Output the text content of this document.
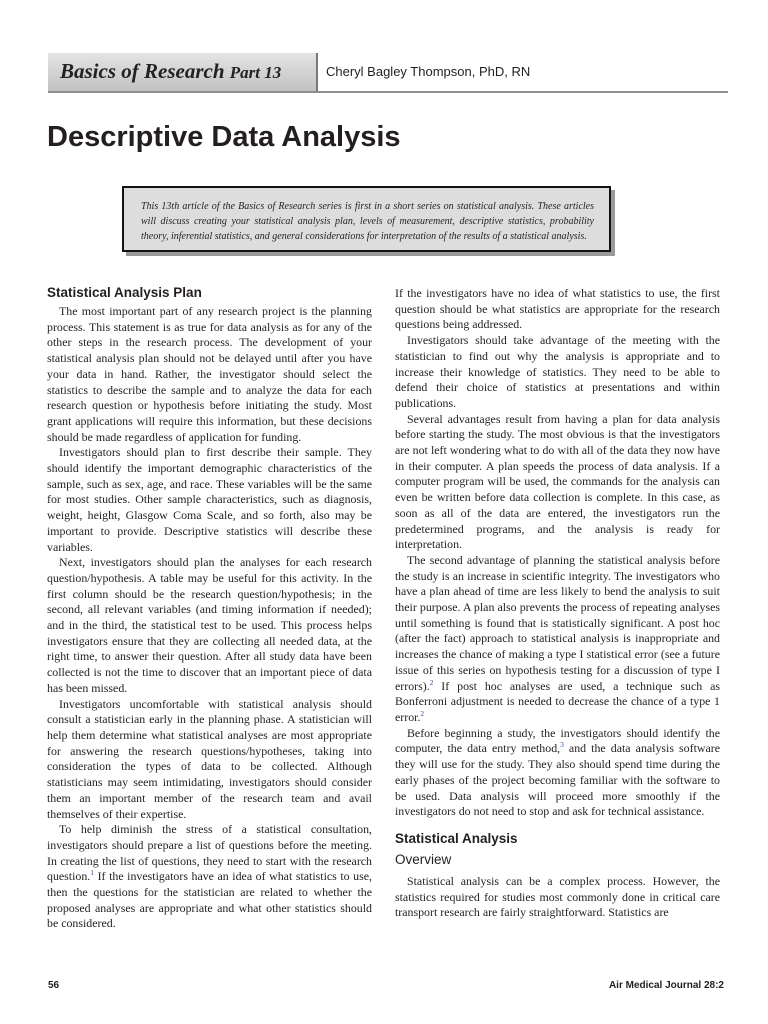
Basics of Research Part 13	Cheryl Bagley Thompson, PhD, RN
Descriptive Data Analysis

This 13th article of the Basics of Research series is first in a short series on statistical analysis. These articles will discuss creating your statistical analysis plan, levels of measurement, descriptive statistics, probability theory, inferential statistics, and general considerations for interpretation of the results of a statistical analysis.

Statistical Analysis Plan

The most important part of any research project is the planning process. This statement is as true for data analysis as for any of the other steps in the research process. The development of your statistical analysis plan should not be delayed until after you have your data in hand. Rather, the investigator should select the statistics to describe the sample and to analyze the data for each research question or hypothesis before initiating the study. Most grant applications will require this information, but these decisions should be made regardless of application for funding.

Investigators should plan to first describe their sample. They should identify the important demographic characteristics of the sample, such as sex, age, and race. These variables will be the same for most studies. Other sample characteristics, such as diagnosis, weight, height, Glasgow Coma Scale, and so forth, also may be important to provide. Descriptive statistics will describe these variables.

Next, investigators should plan the analyses for each research question/hypothesis. A table may be useful for this activity. In the first column should be the research question/hypothesis; in the second, all relevant variables (and timing information if needed); and in the third, the statistical test to be used. This process helps investigators ensure that they are collecting all needed data, at the right time, to answer their question. After all study data have been collected is not the time to discover that an important piece of data has been missed.

Investigators uncomfortable with statistical analysis should consult a statistician early in the planning phase. A statistician will help them determine what statistical analyses are most appropriate for answering the research questions/hypotheses, taking into consideration the types of data to be collected. Although statisticians may seem intimidating, investigators should consider them an important member of the research team and avail themselves of their expertise.

To help diminish the stress of a statistical consultation, investigators should prepare a list of questions before the meeting. In creating the list of questions, they need to start with the research question.$^1$ If the investigators have an idea of what statistics to use, then the questions for the statistician are related to whether the proposed analyses are appropriate and what other statistics should be considered.

If the investigators have no idea of what statistics to use, the first question should be what statistics are appropriate for the research questions being addressed.

Investigators should take advantage of the meeting with the statistician to find out why the analysis is appropriate and to increase their knowledge of statistics. They need to be able to defend their choice of statistics at presentations and within publications.

Several advantages result from having a plan for data analysis before starting the study. The most obvious is that the investigators are not left wondering what to do with all of the data they now have in their computer. A plan speeds the process of data analysis. If a computer program will be used, the commands for the analysis can even be written before data collection is complete. In this case, as soon as all of the data are entered, the investigators run the predetermined programs, and the analysis is ready for interpretation.

The second advantage of planning the statistical analysis before the study is an increase in scientific integrity. The investigators who have a plan ahead of time are less likely to bend the analysis to suit their purpose. A plan also prevents the process of repeating analyses until something is found that is statistically significant. A post hoc (after the fact) approach to statistical analysis is inappropriate and increases the chance of making a type I statistical error (see a future issue of this series on hypothesis testing for a discussion of type I errors).$^2$ If post hoc analyses are used, a technique such as Bonferroni adjustment is needed to decrease the chance of a type 1 error.$^2$

Before beginning a study, the investigators should identify the computer, the data entry method,$^3$ and the data analysis software they will use for the study. They also should spend time during the early phases of the project becoming familiar with the software to be used. Data analysis will proceed more smoothly if the investigators do not need to stop and ask for technical assistance.

Statistical Analysis
Overview

Statistical analysis can be a complex process. However, the statistics required for studies most commonly done in critical care transport research are fairly straightforward. Statistics are

56	Air Medical Journal 28:2
